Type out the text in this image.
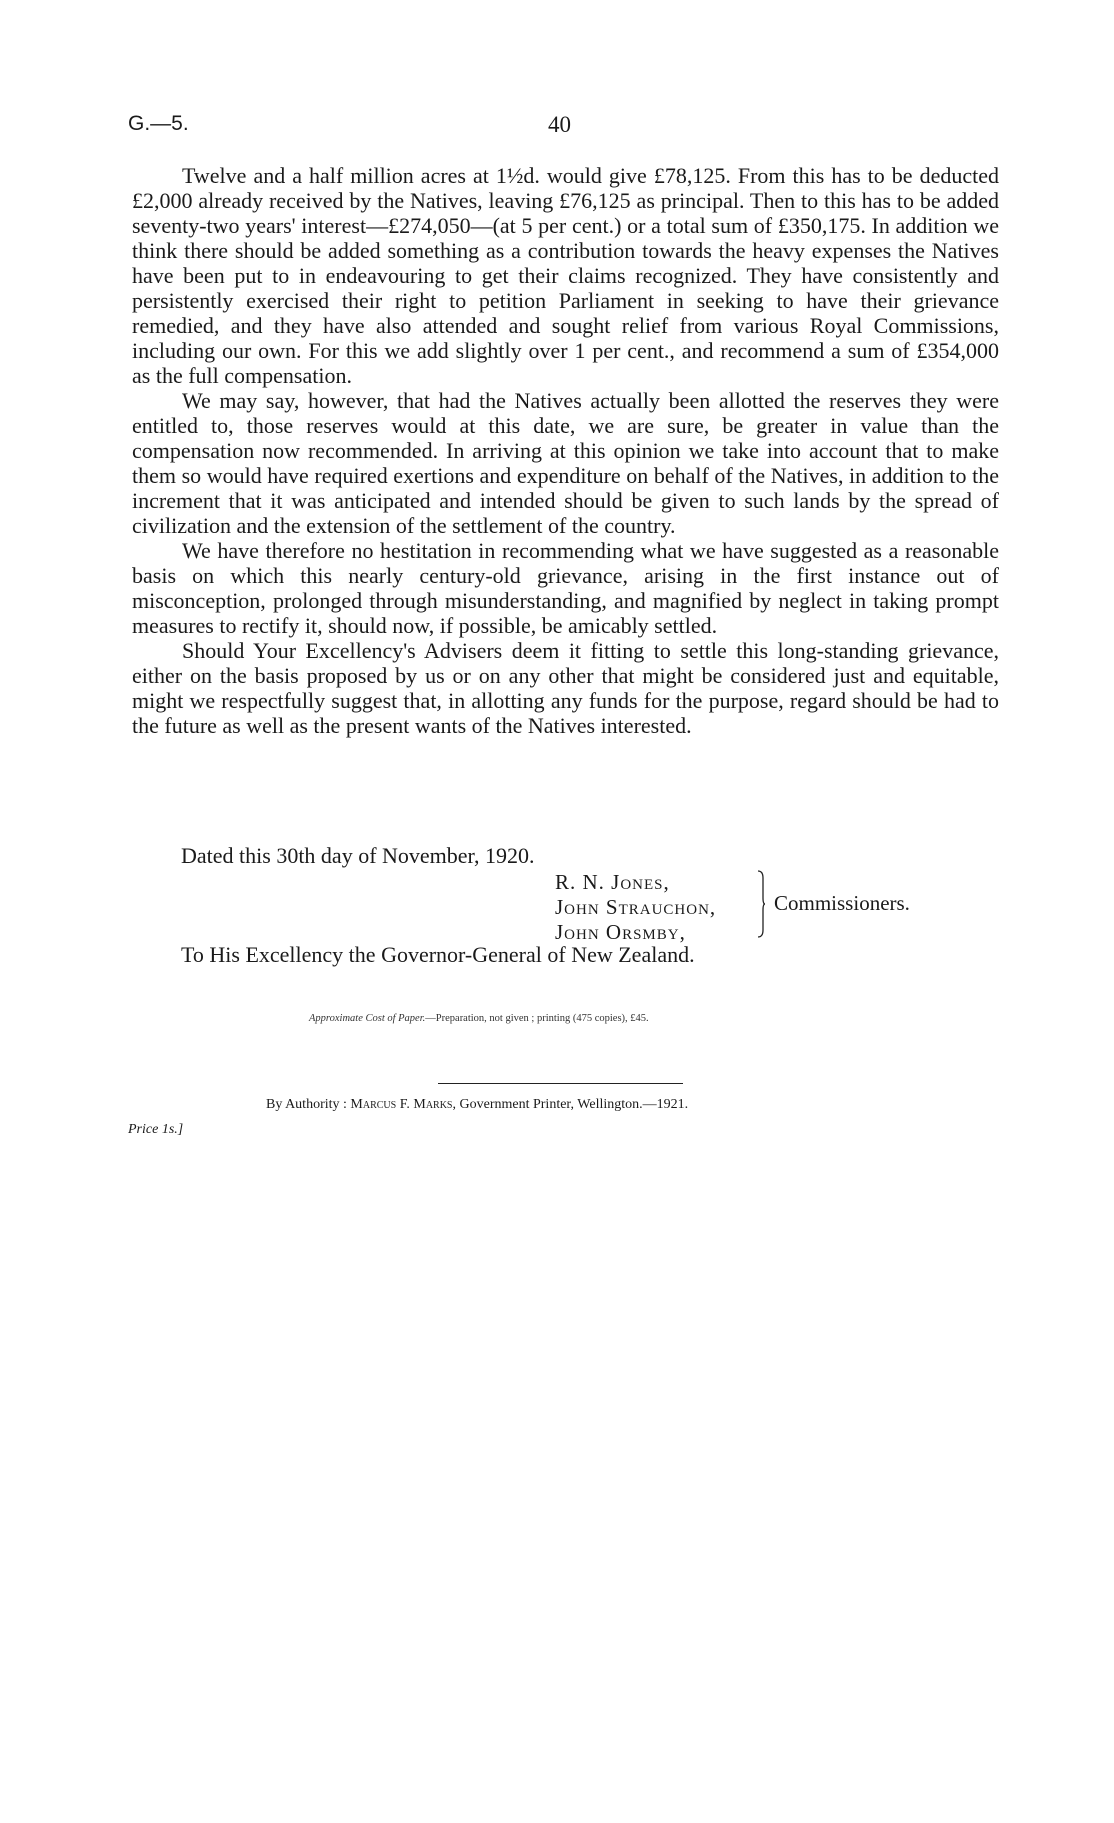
G.—5.	40

Twelve and a half million acres at 1½d. would give £78,125. From this has to be deducted £2,000 already received by the Natives, leaving £76,125 as principal. Then to this has to be added seventy-two years' interest—£274,050—(at 5 per cent.) or a total sum of £350,175. In addition we think there should be added something as a contribution towards the heavy expenses the Natives have been put to in endeavouring to get their claims recognized. They have consistently and persistently exercised their right to petition Parliament in seeking to have their grievance remedied, and they have also attended and sought relief from various Royal Commissions, including our own. For this we add slightly over 1 per cent., and recommend a sum of £354,000 as the full compensation.

We may say, however, that had the Natives actually been allotted the reserves they were entitled to, those reserves would at this date, we are sure, be greater in value than the compensation now recommended. In arriving at this opinion we take into account that to make them so would have required exertions and expenditure on behalf of the Natives, in addition to the increment that it was anticipated and intended should be given to such lands by the spread of civilization and the extension of the settlement of the country.

We have therefore no hestitation in recommending what we have suggested as a reasonable basis on which this nearly century-old grievance, arising in the first instance out of misconception, prolonged through misunderstanding, and magnified by neglect in taking prompt measures to rectify it, should now, if possible, be amicably settled.

Should Your Excellency's Advisers deem it fitting to settle this long-standing grievance, either on the basis proposed by us or on any other that might be considered just and equitable, might we respectfully suggest that, in allotting any funds for the purpose, regard should be had to the future as well as the present wants of the Natives interested.

Dated this 30th day of November, 1920.
R. N. Jones,
John Strauchon,
John Orsmby,
Commissioners.
To His Excellency the Governor-General of New Zealand.
Approximate Cost of Paper.—Preparation, not given ; printing (475 copies), £45.
By Authority : Marcus F. Marks, Government Printer, Wellington.—1921.
Price 1s.]
